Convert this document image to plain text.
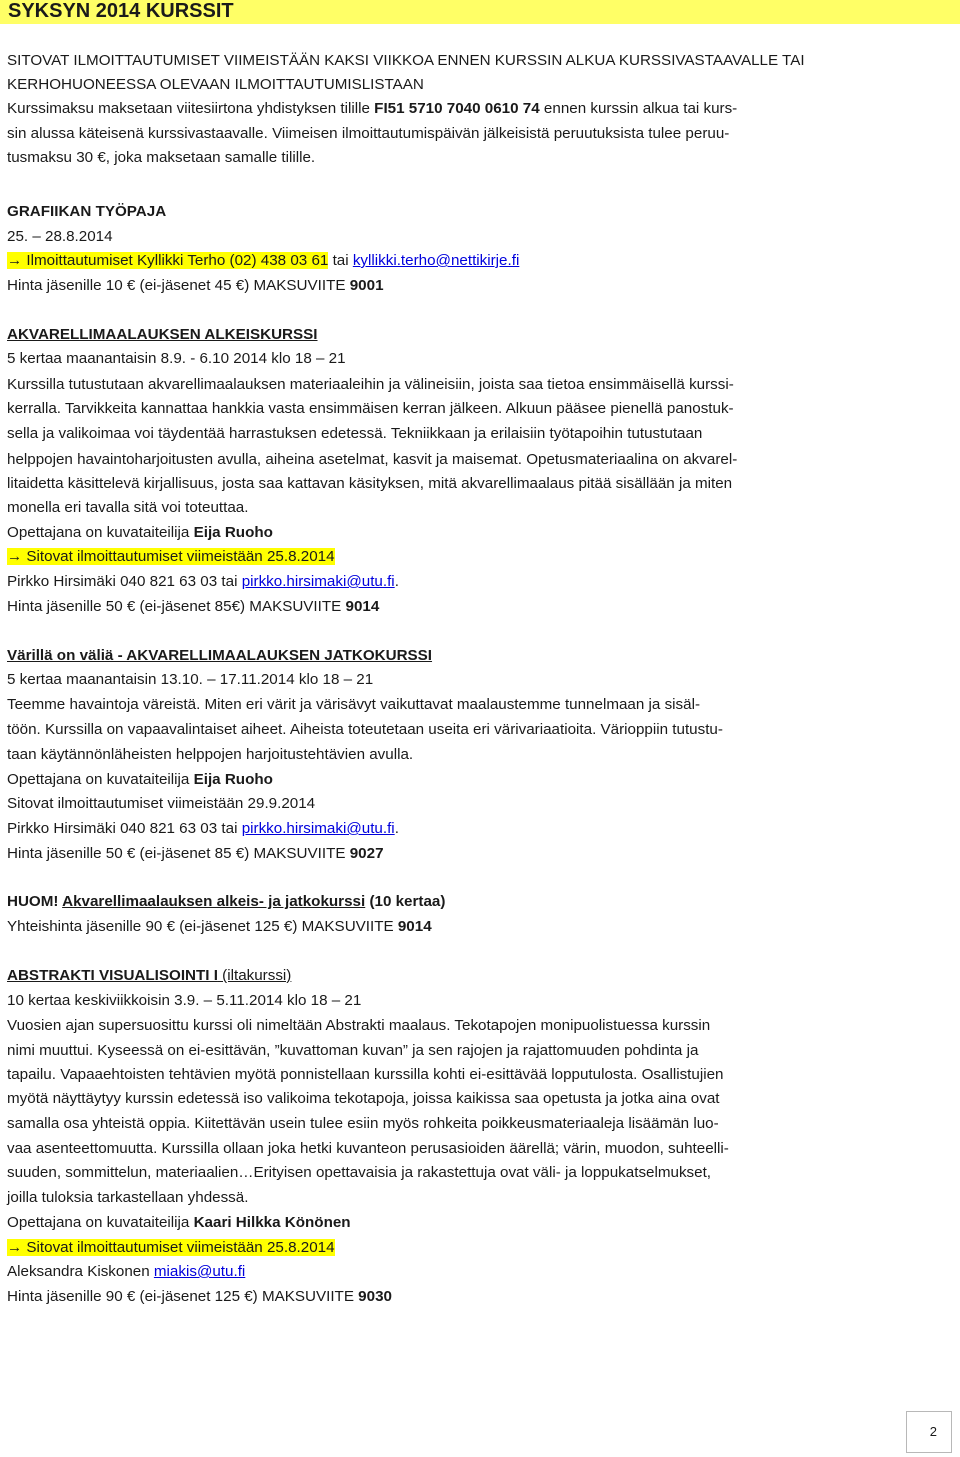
SYKSYN 2014 KURSSIT
SITOVAT ILMOITTAUTUMISET VIIMEISTÄÄN KAKSI VIIKKOA ENNEN KURSSIN ALKUA KURSSIVASTAAVALLE TAI
KERHOHUONEESSA OLEVAAN ILMOITTAUTUMISLISTAAN
Kurssimaksu maksetaan viitesiirtona yhdistyksen tilille FI51 5710 7040 0610 74 ennen kurssin alkua tai kurs-
sin alussa käteisenä kurssivastaavalle. Viimeisen ilmoittautumispäivän jälkeisistä peruutuksista tulee peruu-
tusmaksu 30 €, joka maksetaan samalle tilille.
GRAFIIKAN TYÖPAJA
25. – 28.8.2014
→ Ilmoittautumiset Kyllikki Terho (02) 438 03 61 tai kyllikki.terho@nettikirje.fi
Hinta jäsenille 10 € (ei-jäsenet 45 €) MAKSUVIITE 9001
AKVARELLIMAALAUKSEN ALKEISKURSSI
5 kertaa maanantaisin 8.9. - 6.10 2014 klo 18 – 21
Kurssilla tutustutaan akvarellimaalauksen materiaaleihin ja välineisiin, joista saa tietoa ensimmäisellä kurssi-
kerralla. Tarvikkeita kannattaa hankkia vasta ensimmäisen kerran jälkeen. Alkuun pääsee pienellä panostuk-
sella ja valikoimaa voi täydentää harrastuksen edetessä. Tekniikkaan ja erilaisiin työtapoihin tutustutaan
helppojen havaintoharjoitusten avulla, aiheina asetelmat, kasvit ja maisemat. Opetusmateriaalina on akvarel-
litaidetta käsittelevä kirjallisuus, josta saa kattavan käsityksen, mitä akvarellimaalaus pitää sisällään ja miten
monella eri tavalla sitä voi toteuttaa.
Opettajana on kuvataiteilija Eija Ruoho
→ Sitovat ilmoittautumiset viimeistään 25.8.2014
Pirkko Hirsimäki 040 821 63 03 tai pirkko.hirsimaki@utu.fi.
Hinta jäsenille 50 € (ei-jäsenet 85€) MAKSUVIITE 9014
Värillä on väliä - AKVARELLIMAALAUKSEN JATKOKURSSI
5 kertaa maanantaisin 13.10. – 17.11.2014 klo 18 – 21
Teemme havaintoja väreistä. Miten eri värit ja värisävyt vaikuttavat maalaustemme tunnelmaan ja sisäl-
töön. Kurssilla on vapaavalintaiset aiheet. Aiheista toteutetaan useita eri värivariaatioita. Värioppiin tutustu-
taan käytännönläheisten helppojen harjoitustehtävien avulla.
Opettajana on kuvataiteilija Eija Ruoho
Sitovat ilmoittautumiset viimeistään 29.9.2014
Pirkko Hirsimäki 040 821 63 03 tai pirkko.hirsimaki@utu.fi.
Hinta jäsenille 50 € (ei-jäsenet 85 €) MAKSUVIITE 9027
HUOM! Akvarellimaalauksen alkeis- ja jatkokurssi (10 kertaa)
Yhteishinta jäsenille 90 € (ei-jäsenet 125 €) MAKSUVIITE 9014
ABSTRAKTI VISUALISOINTI I (iltakurssi)
10 kertaa keskiviikkoisin 3.9. – 5.11.2014 klo 18 – 21
Vuosien ajan supersuosittu kurssi oli nimeltään Abstrakti maalaus. Tekotapojen monipuolistuessa kurssin
nimi muuttui. Kyseessä on ei-esittävän, ”kuvattoman kuvan” ja sen rajojen ja rajattomuuden pohdinta ja
tapailu. Vapaaehtoisten tehtävien myötä ponnistellaan kurssilla kohti ei-esittävää lopputulosta. Osallistujien
myötä näyttäytyy kurssin edetessä iso valikoima tekotapoja, joissa kaikissa saa opetusta ja jotka aina ovat
samalla osa yhteistä oppia. Kiitettävän usein tulee esiin myös rohkeita poikkeusmateriaaleja lisäämän luo-
vaa asenteettomuutta. Kurssilla ollaan joka hetki kuvanteon perusasioiden äärellä; värin, muodon, suhteelli-
suuden, sommittelun, materiaalien…Erityisen opettavaisia ja rakastettuja ovat väli- ja loppukatselmukset,
joilla tuloksia tarkastellaan yhdessä.
Opettajana on kuvataiteilija Kaari Hilkka Könönen
→ Sitovat ilmoittautumiset viimeistään 25.8.2014
Aleksandra Kiskonen miakis@utu.fi
Hinta jäsenille 90 € (ei-jäsenet 125 €) MAKSUVIITE 9030
2
